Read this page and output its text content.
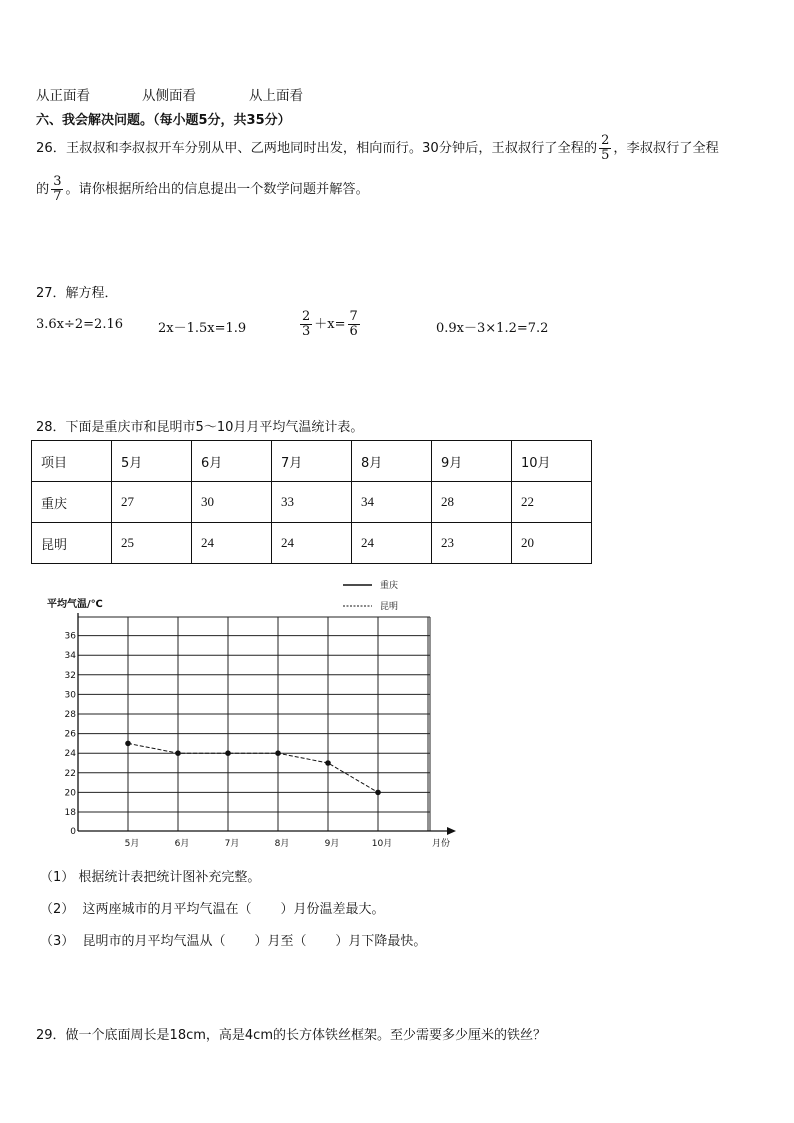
从正面看	从侧面看	从上面看
六、我会解决问题。（每小题5分，共35分）
26．王叔叔和李叔叔开车分别从甲、乙两地同时出发，相向而行。30分钟后，王叔叔行了全程的 $\frac{2}{5}$ ，李叔叔行了全程
的 $\frac{3}{7}$ 。请你根据所给出的信息提出一个数学问题并解答。
27．解方程．
3.6x÷2=2.16	2x－1.5x=1.9	$\frac{2}{3} +x= \frac{7}{6}$	0.9x－3×1.2=7.2
28．下面是重庆市和昆明市5～10月月平均气温统计表。
项目	5月	6月	7月	8月	9月	10月
重庆	27	30	33	34	28	22
昆明	25	24	24	24	23	20
0
18
20
22
24
26
28
30
32
34
36
5月	6月	7月	8月	9月	10月
重庆
昆明
平均气温/℃
月份
（1） 根据统计表把统计图补充完整。
（2）  这两座城市的月平均气温在（       ）月份温差最大。
（3）  昆明市的月平均气温从（       ）月至（       ）月下降最快。
29．做一个底面周长是18cm，高是4cm的长方体铁丝框架。至少需要多少厘米的铁丝？
